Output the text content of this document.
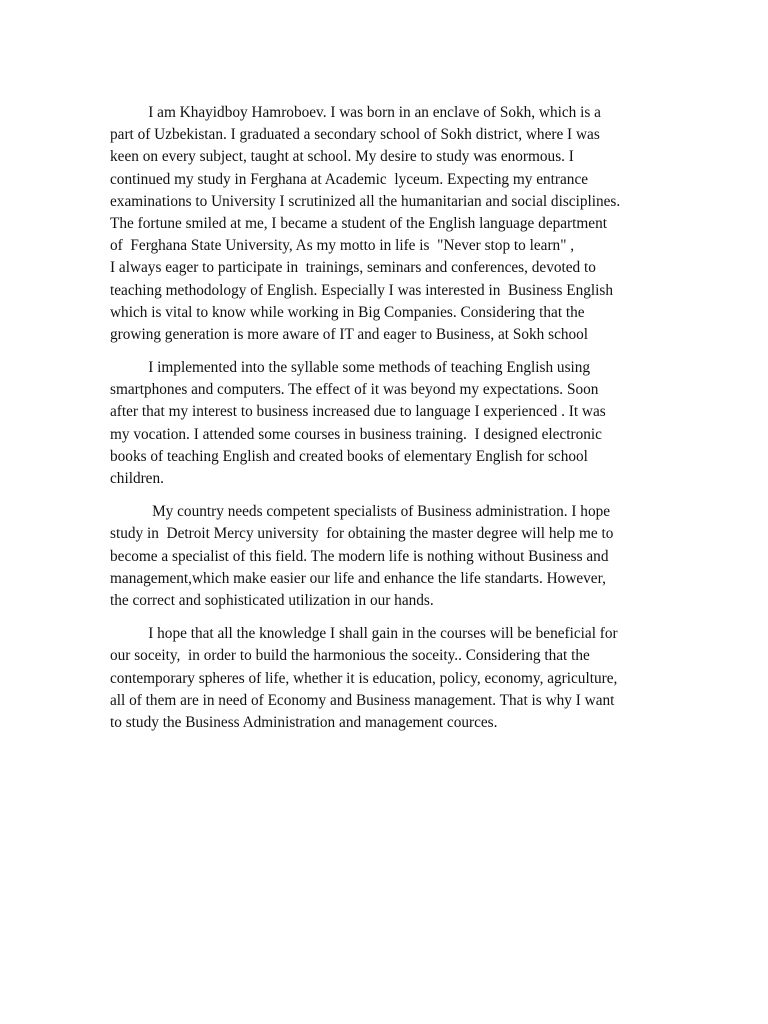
I am Khayidboy Hamroboev. I was born in an enclave of Sokh, which is a
part of Uzbekistan. I graduated a secondary school of Sokh district, where I was
keen on every subject, taught at school. My desire to study was enormous. I
continued my study in Ferghana at Academic  lyceum. Expecting my entrance
examinations to University I scrutinized all the humanitarian and social disciplines.
The fortune smiled at me, I became a student of the English language department
of  Ferghana State University, As my motto in life is  "Never stop to learn" ,
I always eager to participate in  trainings, seminars and conferences, devoted to
teaching methodology of English. Especially I was interested in  Business English
which is vital to know while working in Big Companies. Considering that the
growing generation is more aware of IT and eager to Business, at Sokh school

I implemented into the syllable some methods of teaching English using
smartphones and computers. The effect of it was beyond my expectations. Soon
after that my interest to business increased due to language I experienced . It was
my vocation. I attended some courses in business training.  I designed electronic
books of teaching English and created books of elementary English for school
children.

My country needs competent specialists of Business administration. I hope
study in  Detroit Mercy university  for obtaining the master degree will help me to
become a specialist of this field. The modern life is nothing without Business and
management,which make easier our life and enhance the life standarts. However,
the correct and sophisticated utilization in our hands.

I hope that all the knowledge I shall gain in the courses will be beneficial for
our soceity,  in order to build the harmonious the soceity.. Considering that the
contemporary spheres of life, whether it is education, policy, economy, agriculture,
all of them are in need of Economy and Business management. That is why I want
to study the Business Administration and management cources.
